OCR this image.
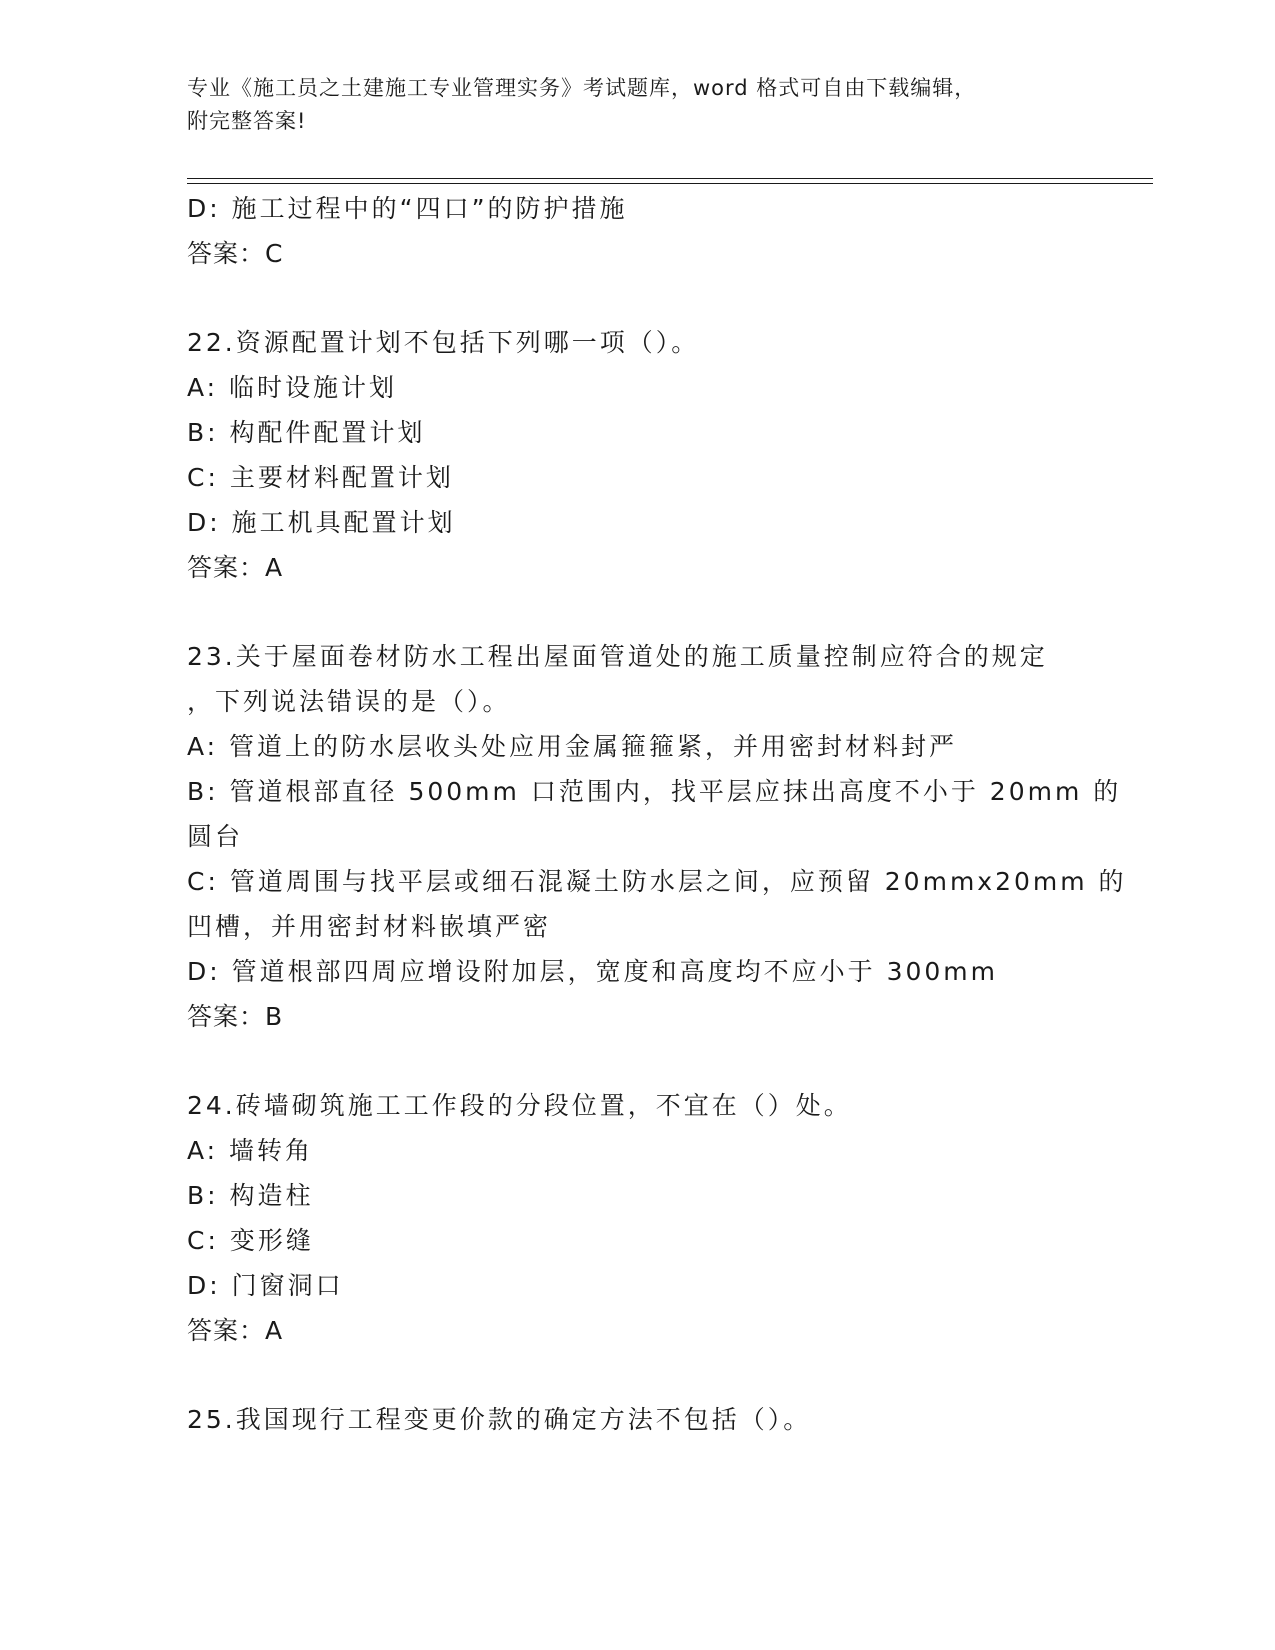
专业《施工员之土建施工专业管理实务》考试题库，word 格式可自由下载编辑，
附完整答案!
D: 施工过程中的“四口”的防护措施
答案：C
22.资源配置计划不包括下列哪一项（）。
A: 临时设施计划
B: 构配件配置计划
C: 主要材料配置计划
D: 施工机具配置计划
答案：A
23.关于屋面卷材防水工程出屋面管道处的施工质量控制应符合的规定
，下列说法错误的是（）。
A: 管道上的防水层收头处应用金属箍箍紧，并用密封材料封严
B: 管道根部直径 500mm 口范围内，找平层应抹出高度不小于 20mm 的
圆台
C: 管道周围与找平层或细石混凝土防水层之间，应预留 20mmx20mm 的
凹槽，并用密封材料嵌填严密
D: 管道根部四周应增设附加层，宽度和高度均不应小于 300mm
答案：B
24.砖墙砌筑施工工作段的分段位置，不宜在（）处。
A: 墙转角
B: 构造柱
C: 变形缝
D: 门窗洞口
答案：A
25.我国现行工程变更价款的确定方法不包括（）。
